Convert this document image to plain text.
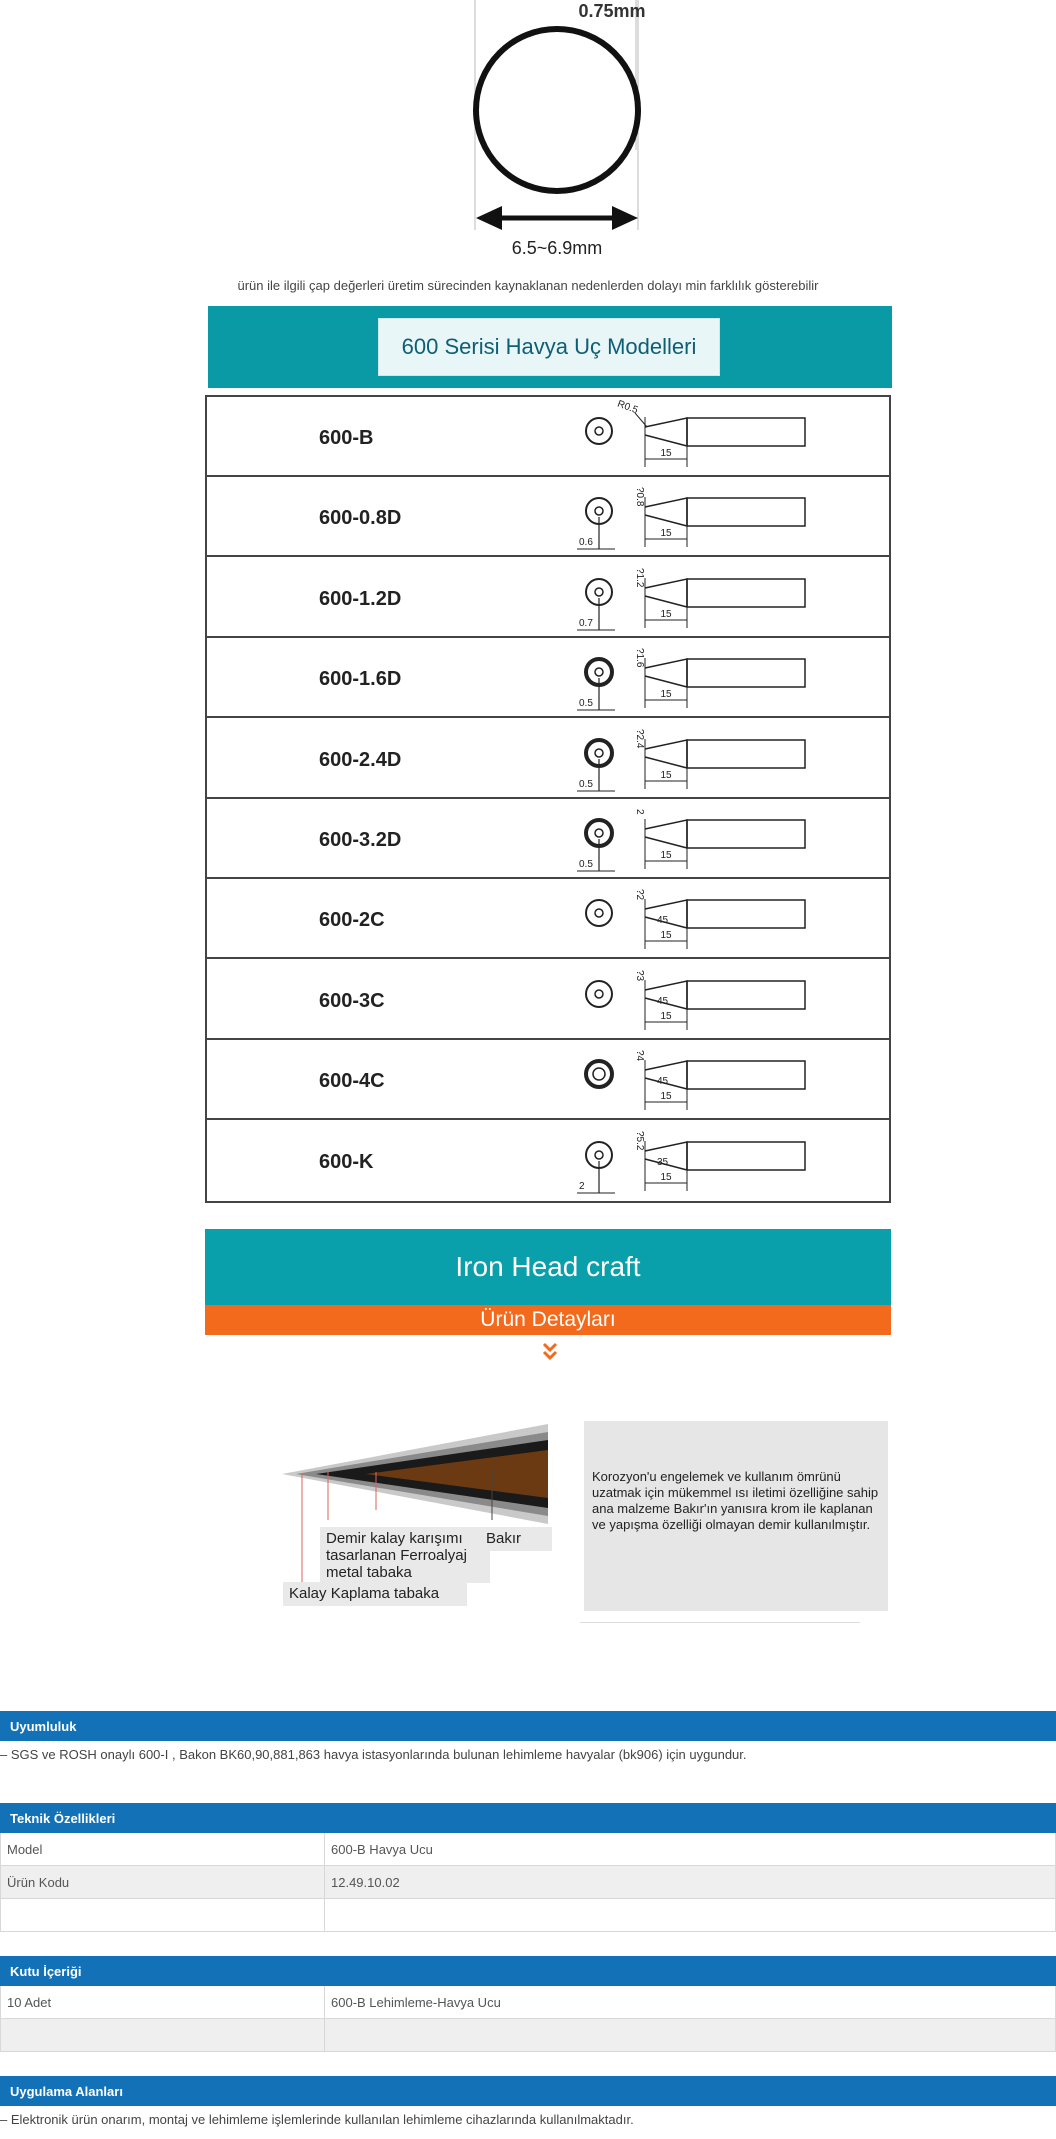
0.75mm
6.5~6.9mm
ürün ile ilgili çap değerleri üretim sürecinden kaynaklanan nedenlerden dolayı min farklılık gösterebilir
600 Serisi Havya Uç Modelleri
600-B
15
R0.5
600-0.8D
15
?0.8
0.6
600-1.2D
15
?1.2
0.7
600-1.6D
15
?1.6
0.5
600-2.4D
15
?2.4
0.5
600-3.2D
15
2
0.5
600-2C
15
?2
45
600-3C
15
?3
45
600-4C
15
?4
45
600-K
15
?5.2
2
35
Iron Head craft
Ürün Detayları
Demir kalay karışımı tasarlanan Ferroalyaj metal tabaka
Bakır
Kalay Kaplama tabaka
Korozyon'u engelemek ve kullanım ömrünü uzatmak için mükemmel ısı iletimi özelliğine sahip ana malzeme Bakır'ın yanısıra krom ile kaplanan ve yapışma özelliği olmayan demir kullanılmıştır.
Uyumluluk
– SGS ve ROSH onaylı 600-I , Bakon BK60,90,881,863 havya istasyonlarında bulunan lehimleme havyalar (bk906) için uygundur.
Teknik Özellikleri
Model	600-B Havya Ucu
Ürün Kodu	12.49.10.02
Kutu İçeriği
10 Adet	600-B Lehimleme-Havya Ucu
Uygulama Alanları
– Elektronik ürün onarım, montaj ve lehimleme işlemlerinde kullanılan lehimleme cihazlarında kullanılmaktadır.
